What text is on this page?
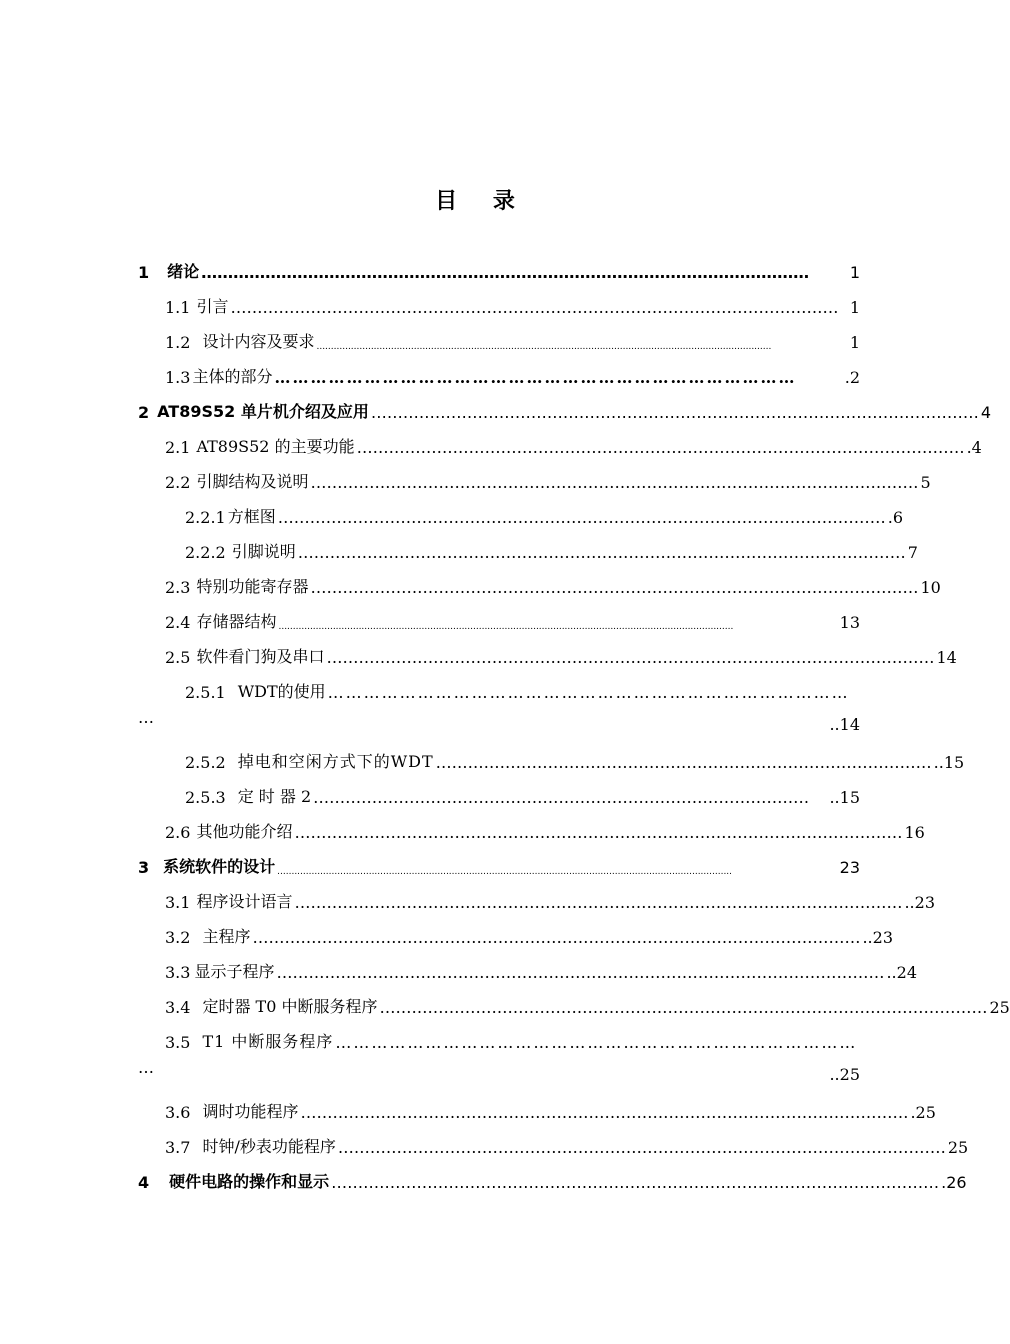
目 录
1 绪论 ……………………………………………………………………………………………………	1
1.1 引言 …………………………………………………………………………………………………… 1
1.2 设计内容及要求 ...............................................................................................................................................................	1
1.3 主体的部分 ……………………………………………………………………………	.2
2 AT89S52 单片机介绍及应用 …………………………………………………………………………………………………… 4
2.1 AT89S52 的主要功能 …………………………………………………………………………………………………… .4
2.2 引脚结构及说明 …………………………………………………………………………………………………… 5
2.2.1 方框图 …………………………………………………………………………………………………… .6
2.2.2 引脚说明 …………………………………………………………………………………………………… 7
2.3 特别功能寄存器 …………………………………………………………………………………………………… 10
2.4 存储器结构 ...............................................................................................................................................................	13
2.5 软件看门狗及串口 …………………………………………………………………………………………………… 14
2.5.1 WDT的使用 ……………………………………………………………………………
…	..14
2.5.2 掉电和空闲方式下的WDT ………………………………………………………………………………… ..15
2.5.3 定 时 器 2 …………………………………………………………………………………	..15
2.6 其他功能介绍 …………………………………………………………………………………………………… 16
3 系统软件的设计 ...............................................................................................................................................................	23
3.1 程序设计语言 …………………………………………………………………………………………………… ..23
3.2 主程序 …………………………………………………………………………………………………… ..23
3.3 显示子程序 …………………………………………………………………………………………………… ..24
3.4 定时器 T0 中断服务程序 …………………………………………………………………………………………………… 25
3.5 T1 中断服务程序 ……………………………………………………………………………
…	..25
3.6 调时功能程序 …………………………………………………………………………………………………… .25
3.7 时钟/秒表功能程序 …………………………………………………………………………………………………… 25
4 硬件电路的操作和显示 …………………………………………………………………………………………………… .26
